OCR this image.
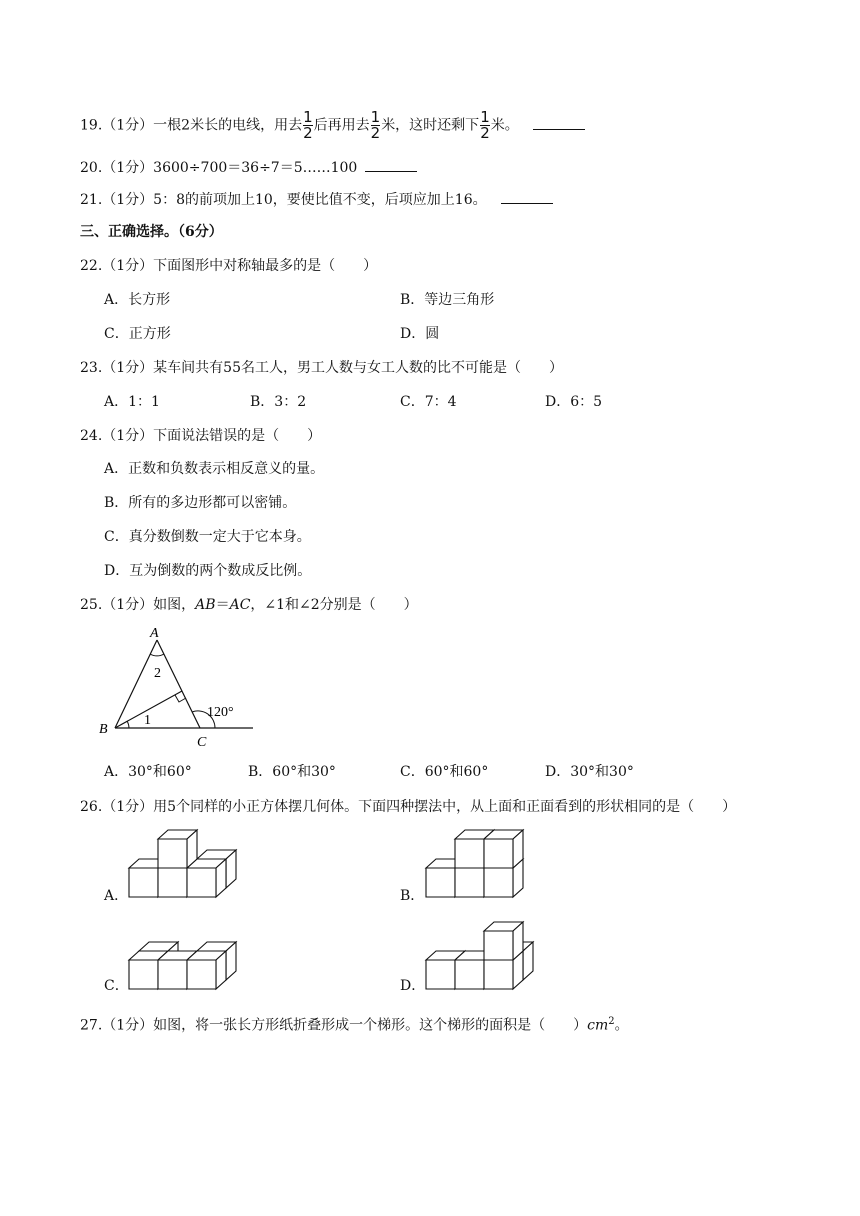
19.（1分）一根2米长的电线，用去 $\frac{1}{2}$ 后再用去 $\frac{1}{2}$ 米，这时还剩下 $\frac{1}{2}$ 米。
20.（1分）3600÷700＝36÷7＝5……100
21.（1分）5：8的前项加上10，要使比值不变，后项应加上16。
三、正确选择。（6分）
22.（1分）下面图形中对称轴最多的是（　　）
A．长方形	B．等边三角形
C．正方形	D．圆
23.（1分）某车间共有55名工人，男工人数与女工人数的比不可能是（　　）
A．1：1	B．3：2	C．7：4	D．6：5
24.（1分）下面说法错误的是（　　）
A．正数和负数表示相反意义的量。
B．所有的多边形都可以密铺。
C．真分数倒数一定大于它本身。
D．互为倒数的两个数成反比例。
25.（1分）如图，AB＝AC，∠1和∠2分别是（　　）
A
B
C
2
1
120°
A．30°和60°	B．60°和30°	C．60°和60°	D．30°和30°
26.（1分）用5个同样的小正方体摆几何体。下面四种摆法中，从上面和正面看到的形状相同的是（　　）
A．	B．
C．	D．
27.（1分）如图，将一张长方形纸折叠形成一个梯形。这个梯形的面积是（　　）$cm^2$。
